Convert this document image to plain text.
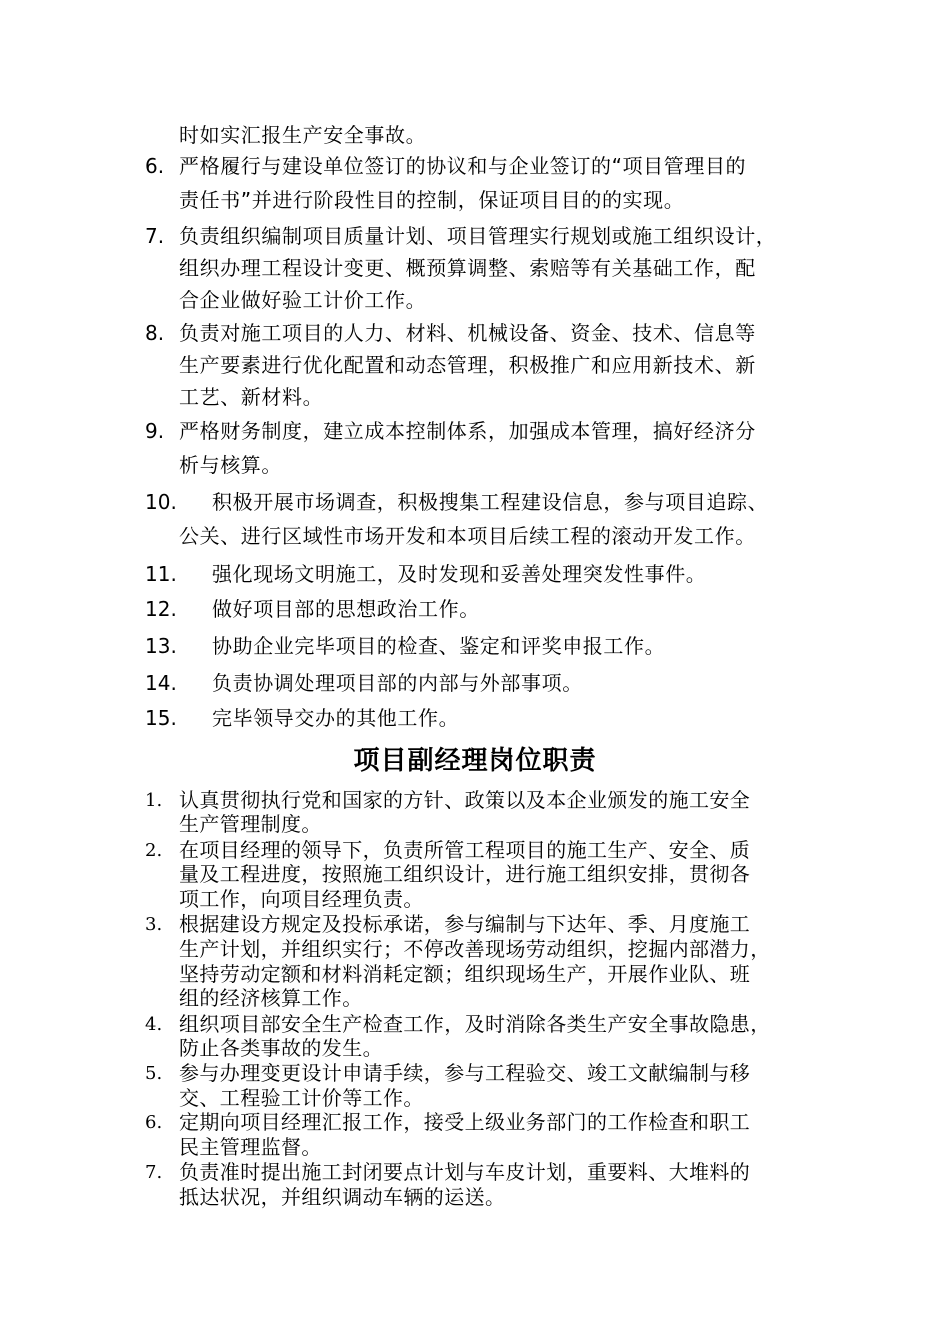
时如实汇报生产安全事故。
6. 严格履行与建设单位签订的协议和与企业签订的“项目管理目的
责任书”并进行阶段性目的控制，保证项目目的的实现。
7. 负责组织编制项目质量计划、项目管理实行规划或施工组织设计，
组织办理工程设计变更、概预算调整、索赔等有关基础工作，配
合企业做好验工计价工作。
8. 负责对施工项目的人力、材料、机械设备、资金、技术、信息等
生产要素进行优化配置和动态管理，积极推广和应用新技术、新
工艺、新材料。
9. 严格财务制度，建立成本控制体系，加强成本管理，搞好经济分
析与核算。
10. 积极开展市场调查，积极搜集工程建设信息，参与项目追踪、
公关、进行区域性市场开发和本项目后续工程的滚动开发工作。
11. 强化现场文明施工，及时发现和妥善处理突发性事件。
12. 做好项目部的思想政治工作。
13. 协助企业完毕项目的检查、鉴定和评奖申报工作。
14. 负责协调处理项目部的内部与外部事项。
15. 完毕领导交办的其他工作。
项目副经理岗位职责
1. 认真贯彻执行党和国家的方针、政策以及本企业颁发的施工安全
生产管理制度。
2. 在项目经理的领导下，负责所管工程项目的施工生产、安全、质
量及工程进度，按照施工组织设计，进行施工组织安排，贯彻各
项工作，向项目经理负责。
3. 根据建设方规定及投标承诺，参与编制与下达年、季、月度施工
生产计划，并组织实行；不停改善现场劳动组织，挖掘内部潜力，
坚持劳动定额和材料消耗定额；组织现场生产，开展作业队、班
组的经济核算工作。
4. 组织项目部安全生产检查工作，及时消除各类生产安全事故隐患，
防止各类事故的发生。
5. 参与办理变更设计申请手续，参与工程验交、竣工文献编制与移
交、工程验工计价等工作。
6. 定期向项目经理汇报工作，接受上级业务部门的工作检查和职工
民主管理监督。
7. 负责准时提出施工封闭要点计划与车皮计划，重要料、大堆料的
抵达状况，并组织调动车辆的运送。
